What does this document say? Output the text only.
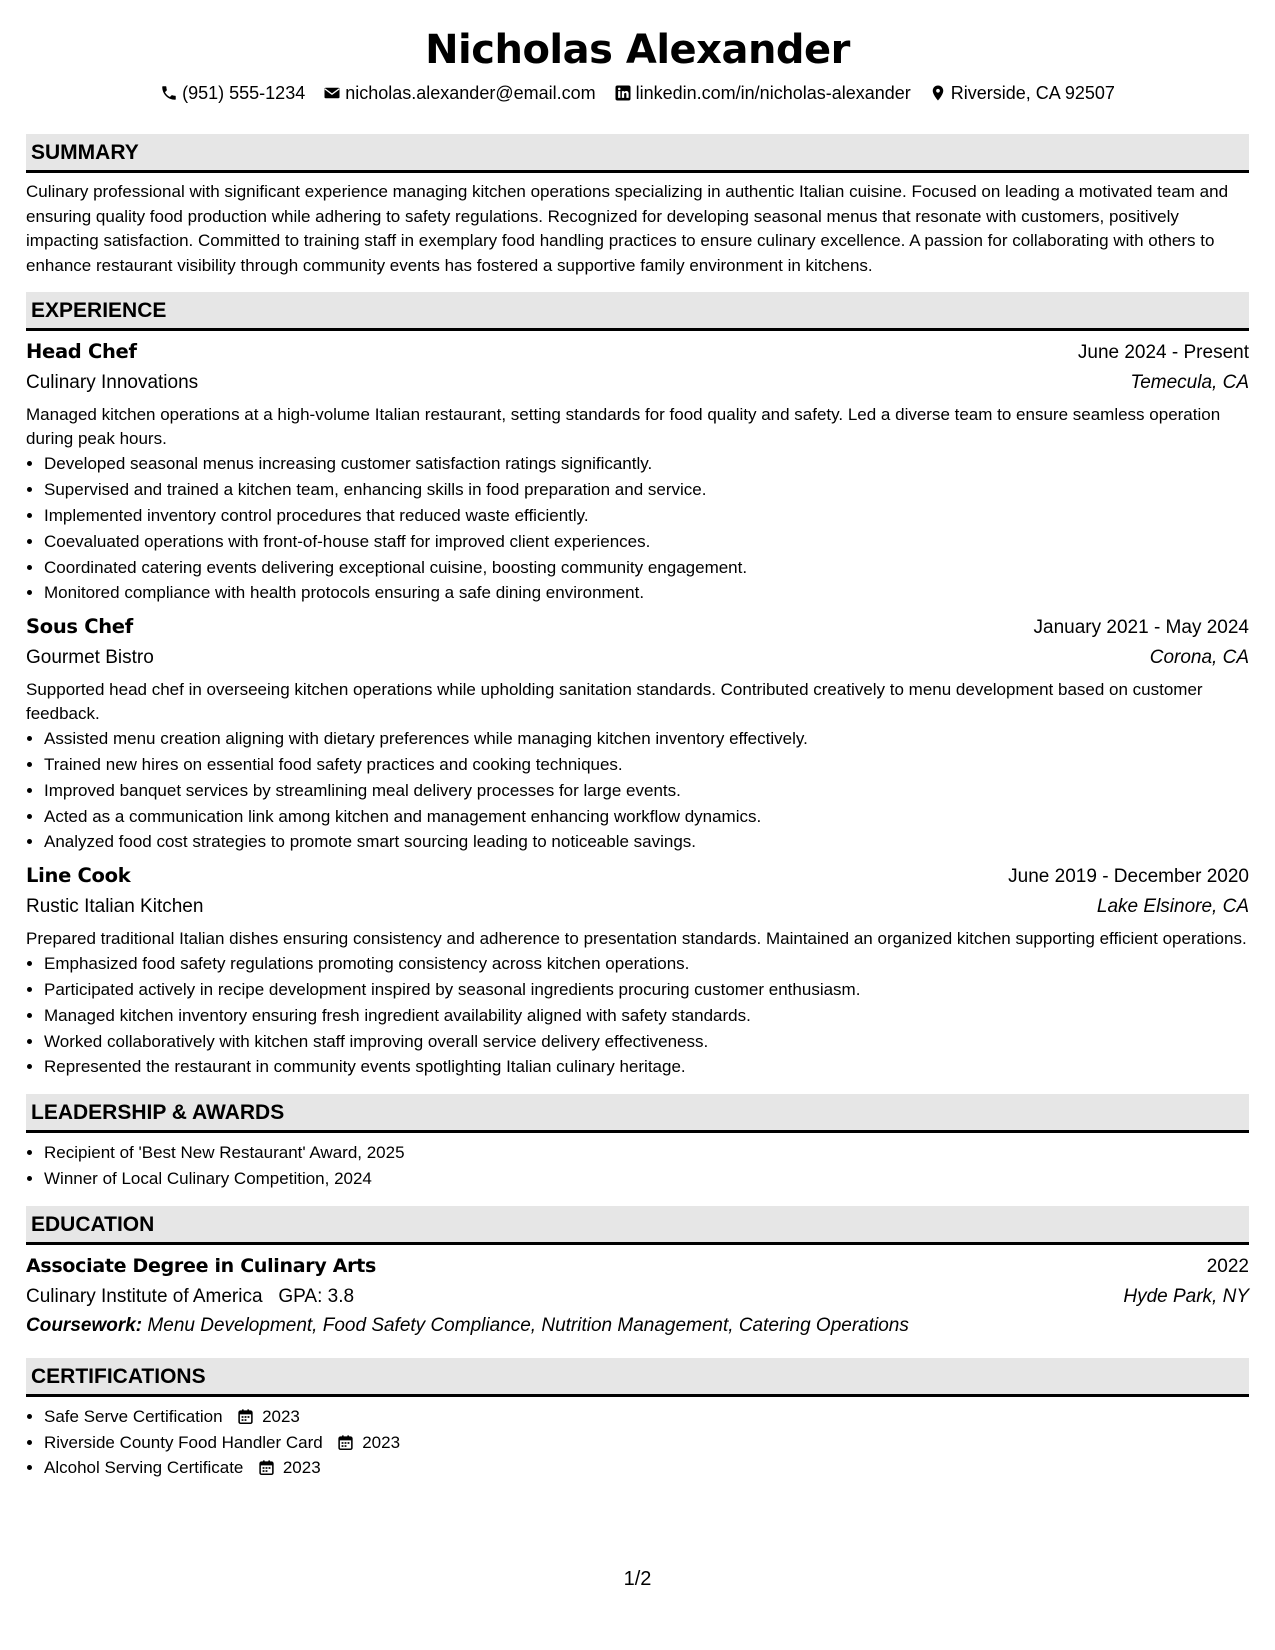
Nicholas Alexander
(951) 555-1234 nicholas.alexander@email.com linkedin.com/in/nicholas-alexander Riverside, CA 92507
SUMMARY
Culinary professional with significant experience managing kitchen operations specializing in authentic Italian cuisine. Focused on leading a motivated team and ensuring quality food production while adhering to safety regulations. Recognized for developing seasonal menus that resonate with customers, positively impacting satisfaction. Committed to training staff in exemplary food handling practices to ensure culinary excellence. A passion for collaborating with others to enhance restaurant visibility through community events has fostered a supportive family environment in kitchens.
EXPERIENCE
Head Chef	June 2024 - Present
Culinary Innovations	Temecula, CA
Managed kitchen operations at a high-volume Italian restaurant, setting standards for food quality and safety. Led a diverse team to ensure seamless operation during peak hours.
• Developed seasonal menus increasing customer satisfaction ratings significantly.
• Supervised and trained a kitchen team, enhancing skills in food preparation and service.
• Implemented inventory control procedures that reduced waste efficiently.
• Coevaluated operations with front-of-house staff for improved client experiences.
• Coordinated catering events delivering exceptional cuisine, boosting community engagement.
• Monitored compliance with health protocols ensuring a safe dining environment.
Sous Chef	January 2021 - May 2024
Gourmet Bistro	Corona, CA
Supported head chef in overseeing kitchen operations while upholding sanitation standards. Contributed creatively to menu development based on customer feedback.
• Assisted menu creation aligning with dietary preferences while managing kitchen inventory effectively.
• Trained new hires on essential food safety practices and cooking techniques.
• Improved banquet services by streamlining meal delivery processes for large events.
• Acted as a communication link among kitchen and management enhancing workflow dynamics.
• Analyzed food cost strategies to promote smart sourcing leading to noticeable savings.
Line Cook	June 2019 - December 2020
Rustic Italian Kitchen	Lake Elsinore, CA
Prepared traditional Italian dishes ensuring consistency and adherence to presentation standards. Maintained an organized kitchen supporting efficient operations.
• Emphasized food safety regulations promoting consistency across kitchen operations.
• Participated actively in recipe development inspired by seasonal ingredients procuring customer enthusiasm.
• Managed kitchen inventory ensuring fresh ingredient availability aligned with safety standards.
• Worked collaboratively with kitchen staff improving overall service delivery effectiveness.
• Represented the restaurant in community events spotlighting Italian culinary heritage.
LEADERSHIP & AWARDS
• Recipient of 'Best New Restaurant' Award, 2025
• Winner of Local Culinary Competition, 2024
EDUCATION
Associate Degree in Culinary Arts	2022
Culinary Institute of America GPA: 3.8	Hyde Park, NY
Coursework: Menu Development, Food Safety Compliance, Nutrition Management, Catering Operations
CERTIFICATIONS
• Safe Serve Certification 2023
• Riverside County Food Handler Card 2023
• Alcohol Serving Certificate 2023
1/2
